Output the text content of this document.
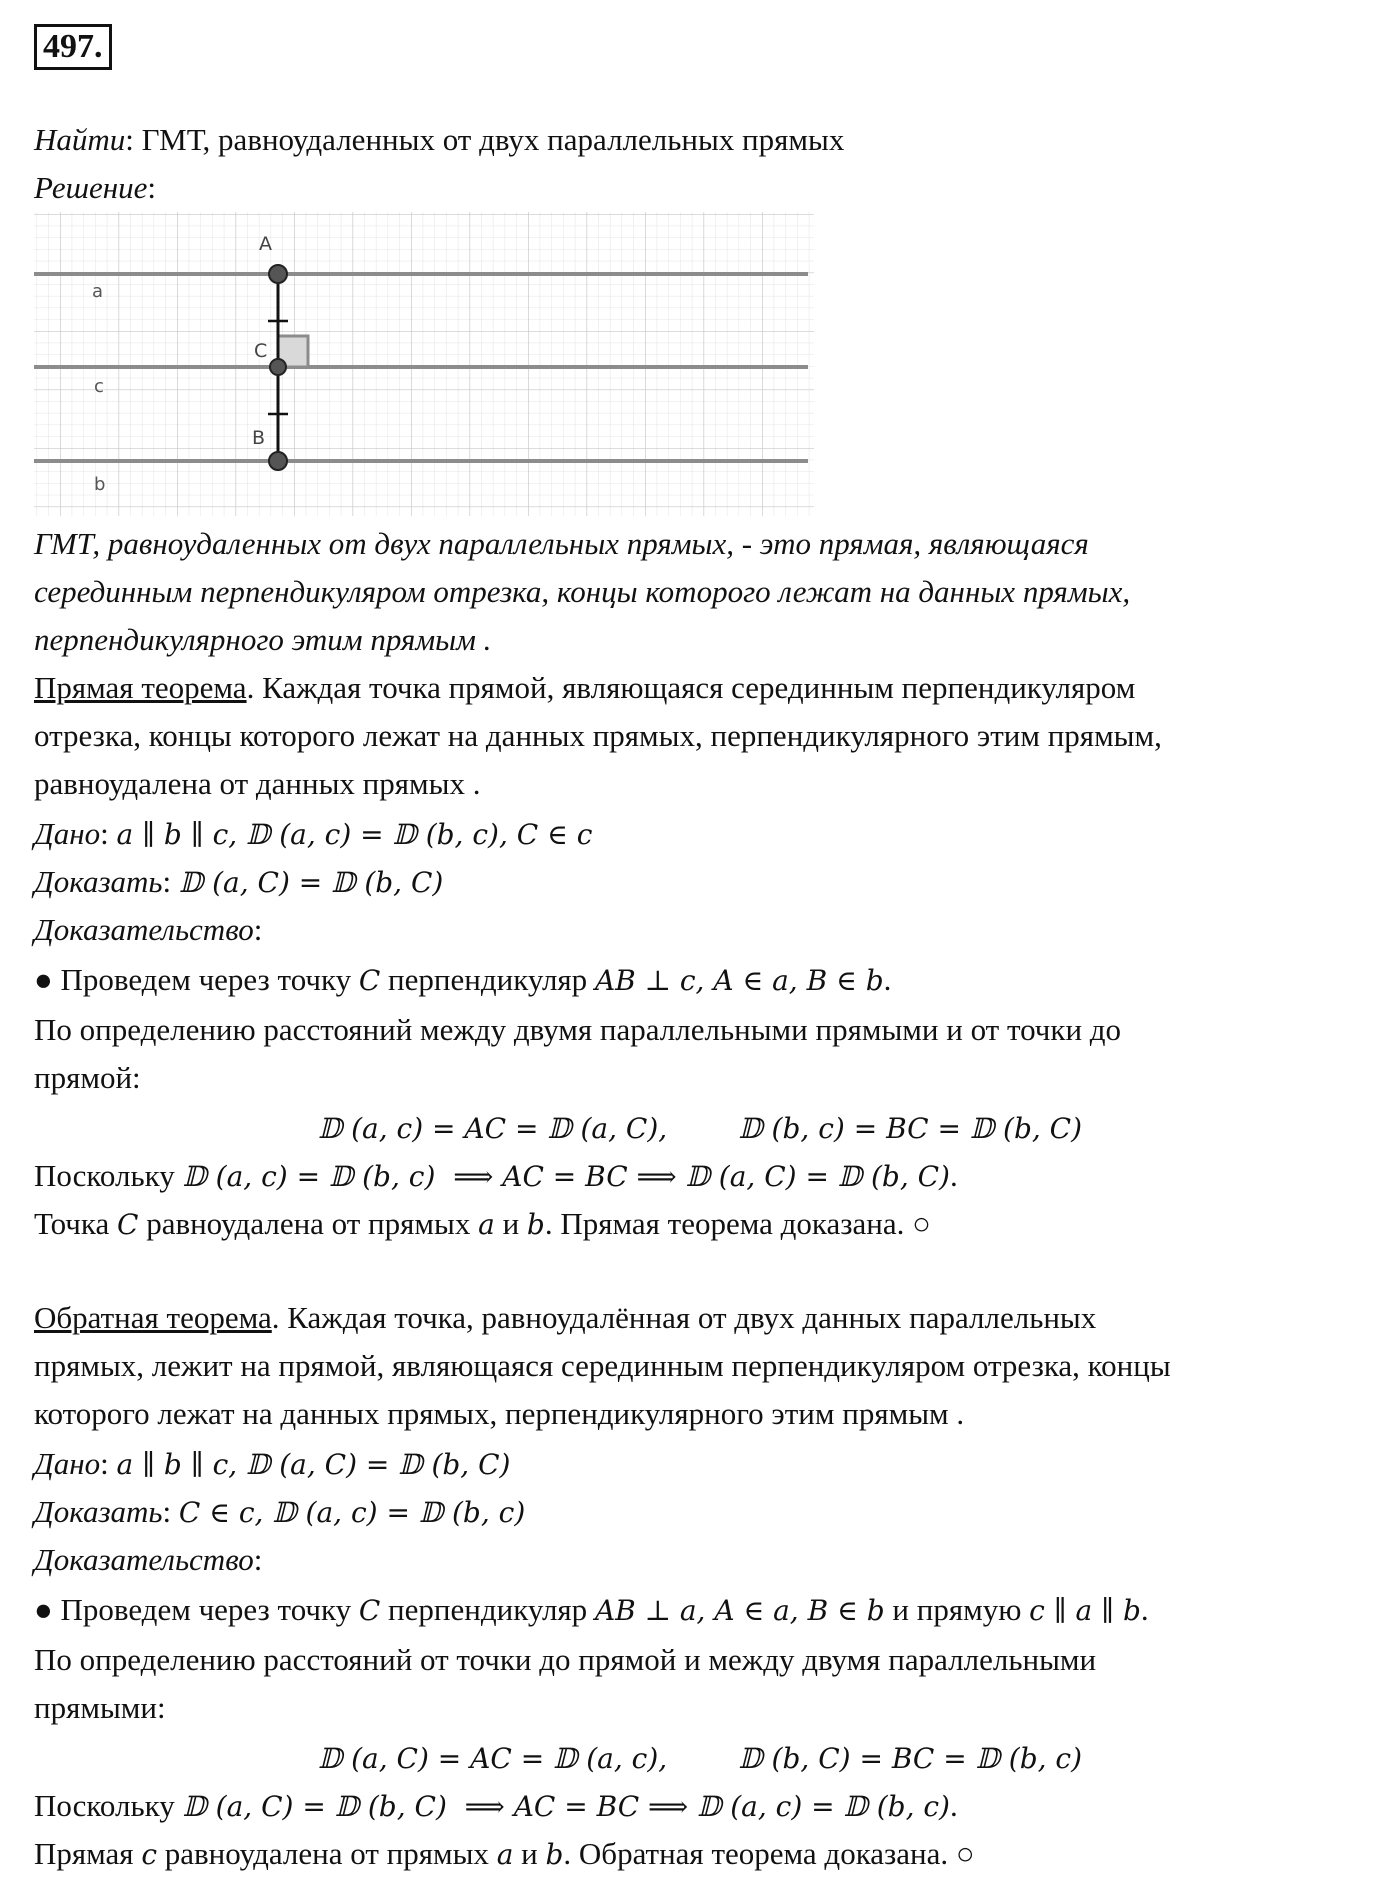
497.
Найти: ГМТ, равноудаленных от двух параллельных прямых
Решение:
A
C
B
a
c
b
ГМТ, равноудаленных от двух параллельных прямых, - это прямая, являющаяся
серединным перпендикуляром отрезка, концы которого лежат на данных прямых,
перпендикулярного этим прямым .
Прямая теорема. Каждая точка прямой, являющаяся серединным перпендикуляром
отрезка, концы которого лежат на данных прямых, перпендикулярного этим прямым,
равноудалена от данных прямых .
Дано: a ∥ b ∥ c, 𝔻 (a, c) = 𝔻 (b, c), C ∈ c
Доказать: 𝔻 (a, C) = 𝔻 (b, C)
Доказательство:
● Проведем через точку C перпендикуляр AB ⊥ c, A ∈ a, B ∈ b.
По определению расстояний между двумя параллельными прямыми и от точки до
прямой:
𝔻 (a, c) = AC = 𝔻 (a, C),        𝔻 (b, c) = BC = 𝔻 (b, C)
Поскольку 𝔻 (a, c) = 𝔻 (b, c)  ⟹ AC = BC ⟹ 𝔻 (a, C) = 𝔻 (b, C).
Точка C равноудалена от прямых a и b. Прямая теорема доказана. ○
Обратная теорема. Каждая точка, равноудалённая от двух данных параллельных
прямых, лежит на прямой, являющаяся серединным перпендикуляром отрезка, концы
которого лежат на данных прямых, перпендикулярного этим прямым .
Дано: a ∥ b ∥ c, 𝔻 (a, C) = 𝔻 (b, C)
Доказать: C ∈ c, 𝔻 (a, c) = 𝔻 (b, c)
Доказательство:
● Проведем через точку C перпендикуляр AB ⊥ a, A ∈ a, B ∈ b и прямую c ∥ a ∥ b.
По определению расстояний от точки до прямой и между двумя параллельными
прямыми:
𝔻 (a, C) = AC = 𝔻 (a, c),        𝔻 (b, C) = BC = 𝔻 (b, c)
Поскольку 𝔻 (a, C) = 𝔻 (b, C)  ⟹ AC = BC ⟹ 𝔻 (a, c) = 𝔻 (b, c).
Прямая c равноудалена от прямых a и b. Обратная теорема доказана. ○
